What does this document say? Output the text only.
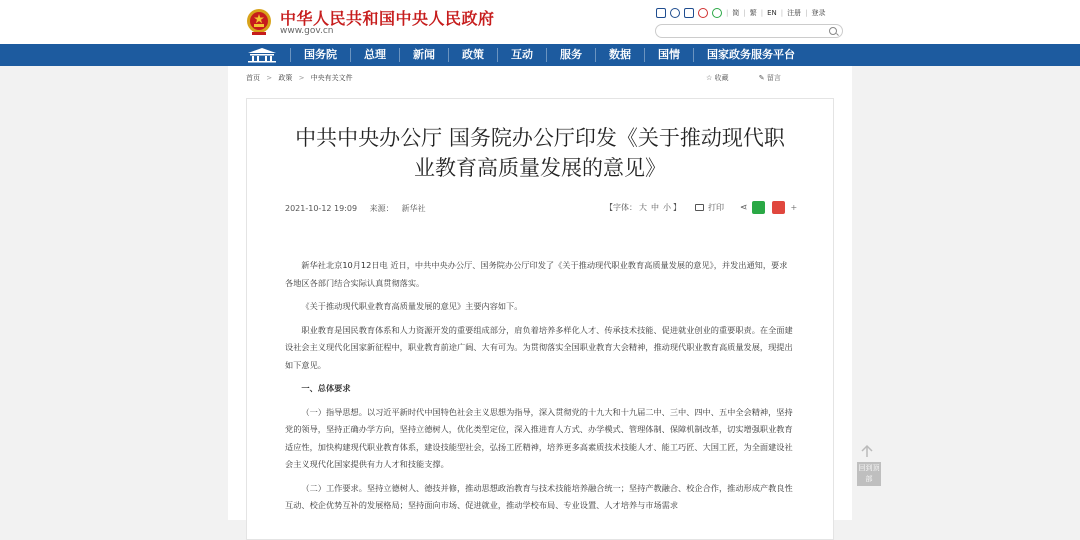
中华人民共和国中央人民政府
www.gov.cn
| 简 | 繁 | EN | 注册 | 登录
国务院	总理	新闻	政策	互动	服务	数据	国情	国家政务服务平台
首页 > 政策 > 中央有关文件	☆ 收藏	✎ 留言
中共中央办公厅 国务院办公厅印发《关于推动现代职业教育高质量发展的意见》
2021-10-12 19:09 来源： 新华社	【字体： 大 中 小 】	打印 ⋖	+

新华社北京10月12日电 近日，中共中央办公厅、国务院办公厅印发了《关于推动现代职业教育高质量发展的意见》，并发出通知，要求各地区各部门结合实际认真贯彻落实。

《关于推动现代职业教育高质量发展的意见》主要内容如下。

职业教育是国民教育体系和人力资源开发的重要组成部分，肩负着培养多样化人才、传承技术技能、促进就业创业的重要职责。在全面建设社会主义现代化国家新征程中，职业教育前途广阔、大有可为。为贯彻落实全国职业教育大会精神，推动现代职业教育高质量发展，现提出如下意见。

一、总体要求

（一）指导思想。以习近平新时代中国特色社会主义思想为指导，深入贯彻党的十九大和十九届二中、三中、四中、五中全会精神，坚持党的领导，坚持正确办学方向，坚持立德树人，优化类型定位，深入推进育人方式、办学模式、管理体制、保障机制改革，切实增强职业教育适应性，加快构建现代职业教育体系，建设技能型社会，弘扬工匠精神，培养更多高素质技术技能人才、能工巧匠、大国工匠，为全面建设社会主义现代化国家提供有力人才和技能支撑。

（二）工作要求。坚持立德树人、德技并修，推动思想政治教育与技术技能培养融合统一；坚持产教融合、校企合作，推动形成产教良性互动、校企优势互补的发展格局；坚持面向市场、促进就业，推动学校布局、专业设置、人才培养与市场需求

回到顶部
